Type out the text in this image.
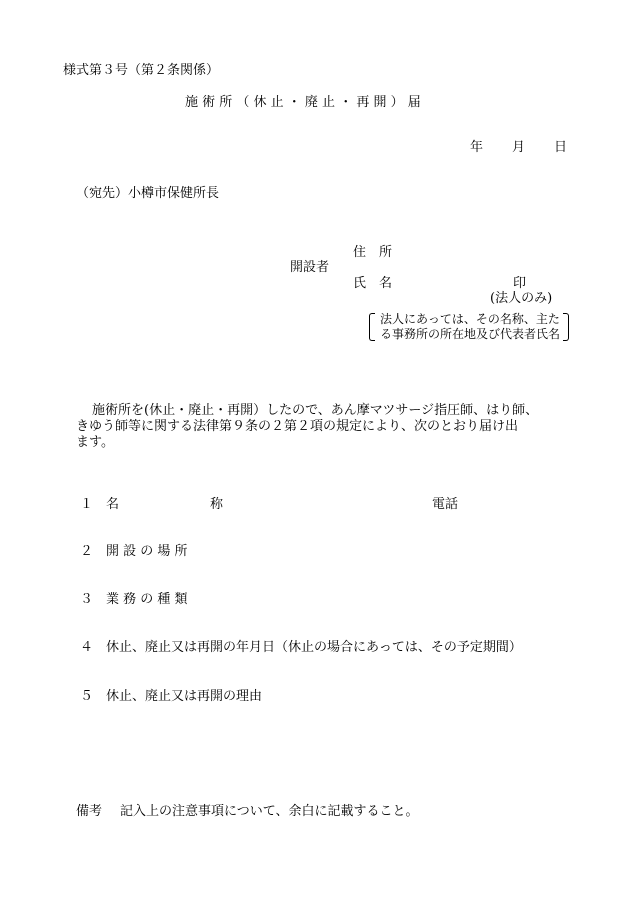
様式第３号（第２条関係）
施 術 所 （ 休 止 ・ 廃 止 ・ 再 開 ） 届
年 月 日
（宛先）小樽市保健所長
開設者
住　所
氏　名	印
(法人のみ)
法人にあっては、その名称、主た
る事務所の所在地及び代表者氏名
施術所を(休止・廃止・再開）したので、あん摩マツサージ指圧師、はり師、
きゆう師等に関する法律第９条の２第２項の規定により、次のとおり届け出
ます。
１ 名　　　　　　　称	電話
２ 開 設 の 場 所
３ 業 務 の 種 類
４ 休止、廃止又は再開の年月日（休止の場合にあっては、その予定期間）
５ 休止、廃止又は再開の理由
備考 記入上の注意事項について、余白に記載すること。
